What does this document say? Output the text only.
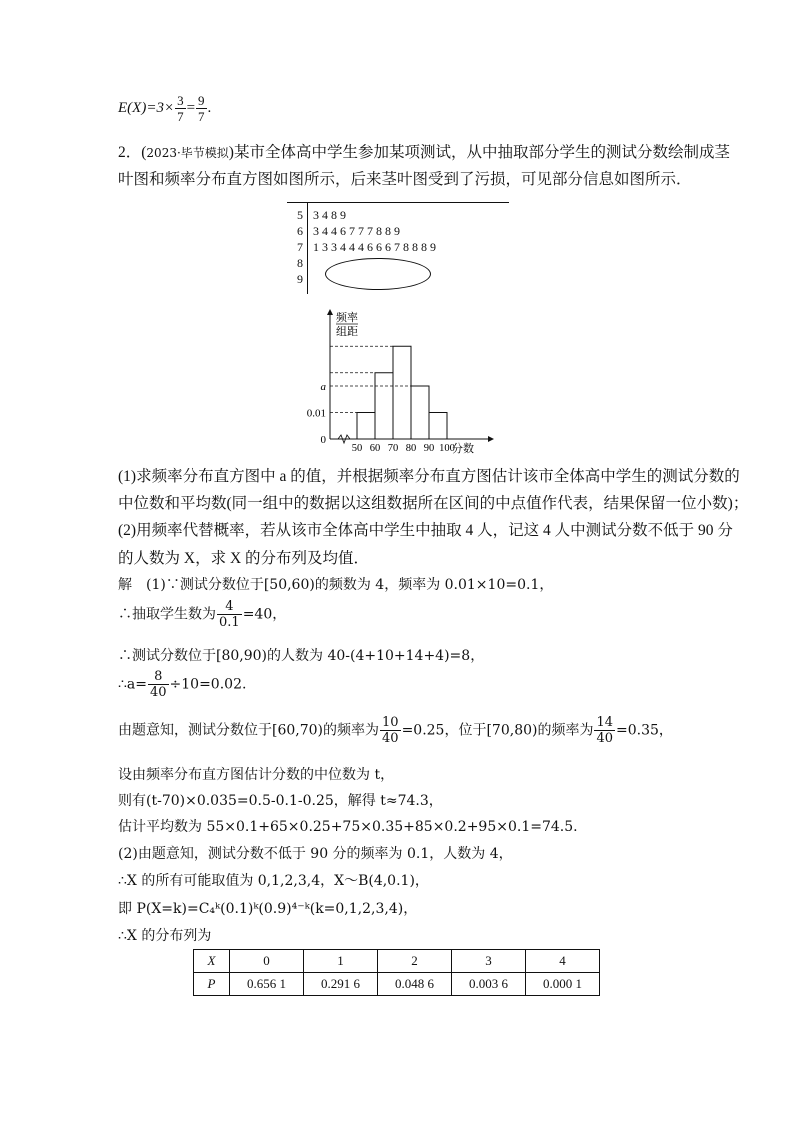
$E(X)=3\times \frac{3}{7} = \frac{9}{7}$ .
2．(2023·毕节模拟)某市全体高中学生参加某项测试，从中抽取部分学生的测试分数绘制成茎
叶图和频率分布直方图如图所示，后来茎叶图受到了污损，可见部分信息如图所示．
5 3 4 8 9
6 3 4 4 6 7 7 7 8 8 9
7 1 3 3 4 4 4 6 6 6 7 8 8 8 9
8
9
0
0.01
a
50 60 70 80 90 100
频率
组距
分数
(1)求频率分布直方图中 a 的值，并根据频率分布直方图估计该市全体高中学生的测试分数的
中位数和平均数(同一组中的数据以这组数据所在区间的中点值作代表，结果保留一位小数)；
(2)用频率代替概率，若从该市全体高中学生中抽取 4 人，记这 4 人中测试分数不低于 90 分
的人数为 X，求 X 的分布列及均值．
解　(1)∵测试分数位于[50,60)的频数为 4，频率为 0.01×10=0.1，
∴抽取学生数为 $\frac{4}{0.1} =40$，
∴测试分数位于[80,90)的人数为 40-(4+10+14+4)=8，
∴a= $\frac{8}{40} \div 10=0.02$.
由题意知，测试分数位于[60,70)的频率为 $\frac{10}{40} =0.25$，位于[70,80)的频率为 $\frac{14}{40} =0.35$，
设由频率分布直方图估计分数的中位数为 t，
则有(t-70)×0.035=0.5-0.1-0.25，解得 t≈74.3，
估计平均数为 55×0.1+65×0.25+75×0.35+85×0.2+95×0.1=74.5.
(2)由题意知，测试分数不低于 90 分的频率为 0.1，人数为 4，
∴X 的所有可能取值为 0,1,2,3,4，X～B(4,0.1)，
即 P(X=k)=C₄ᵏ(0.1)ᵏ(0.9)⁴⁻ᵏ(k=0,1,2,3,4)，
∴X 的分布列为
X	0	1	2	3	4
P	0.656 1	0.291 6	0.048 6	0.003 6	0.000 1
